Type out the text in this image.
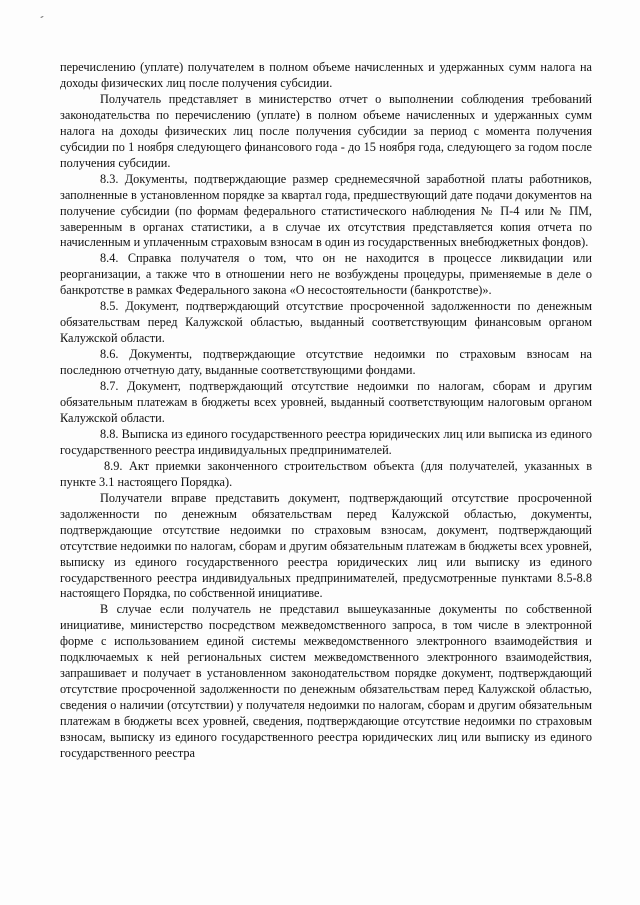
-

перечислению (уплате) получателем в полном объеме начисленных и удержанных сумм налога на доходы физических лиц после получения субсидии.

Получатель представляет в министерство отчет о выполнении соблюдения требований законодательства по перечислению (уплате) в полном объеме начисленных и удержанных сумм налога на доходы физических лиц после получения субсидии за период с момента получения субсидии по 1 ноября следующего финансового года - до 15 ноября года, следующего за годом после получения субсидии.

8.3. Документы, подтверждающие размер среднемесячной заработной платы работников, заполненные в установленном порядке за квартал года, предшествующий дате подачи документов на получение субсидии (по формам федерального статистического наблюдения № П-4 или № ПМ, заверенным в органах статистики, а в случае их отсутствия представляется копия отчета по начисленным и уплаченным страховым взносам в один из государственных внебюджетных фондов).

8.4. Справка получателя о том, что он не находится в процессе ликвидации или реорганизации, а также что в отношении него не возбуждены процедуры, применяемые в деле о банкротстве в рамках Федерального закона «О несостоятельности (банкротстве)».

8.5. Документ, подтверждающий отсутствие просроченной задолженности по денежным обязательствам перед Калужской областью, выданный соответствующим финансовым органом Калужской области.

8.6. Документы, подтверждающие отсутствие недоимки по страховым взносам на последнюю отчетную дату, выданные соответствующими фондами.

8.7. Документ, подтверждающий отсутствие недоимки по налогам, сборам и другим обязательным платежам в бюджеты всех уровней, выданный соответствующим налоговым органом Калужской области.

8.8. Выписка из единого государственного реестра юридических лиц или выписка из единого государственного реестра индивидуальных предпринимателей.

8.9. Акт приемки законченного строительством объекта (для получателей, указанных в пункте 3.1 настоящего Порядка).

Получатели вправе представить документ, подтверждающий отсутствие просроченной задолженности по денежным обязательствам перед Калужской областью, документы, подтверждающие отсутствие недоимки по страховым взносам, документ, подтверждающий отсутствие недоимки по налогам, сборам и другим обязательным платежам в бюджеты всех уровней, выписку из единого государственного реестра юридических лиц или выписку из единого государственного реестра индивидуальных предпринимателей, предусмотренные пунктами 8.5-8.8 настоящего Порядка, по собственной инициативе.

В случае если получатель не представил вышеуказанные документы по собственной инициативе, министерство посредством межведомственного запроса, в том числе в электронной форме с использованием единой системы межведомственного электронного взаимодействия и подключаемых к ней региональных систем межведомственного электронного взаимодействия, запрашивает и получает в установленном законодательством порядке документ, подтверждающий отсутствие просроченной задолженности по денежным обязательствам перед Калужской областью, сведения о наличии (отсутствии) у получателя недоимки по налогам, сборам и другим обязательным платежам в бюджеты всех уровней, сведения, подтверждающие отсутствие недоимки по страховым взносам, выписку из единого государственного реестра юридических лиц или выписку из единого государственного реестра
